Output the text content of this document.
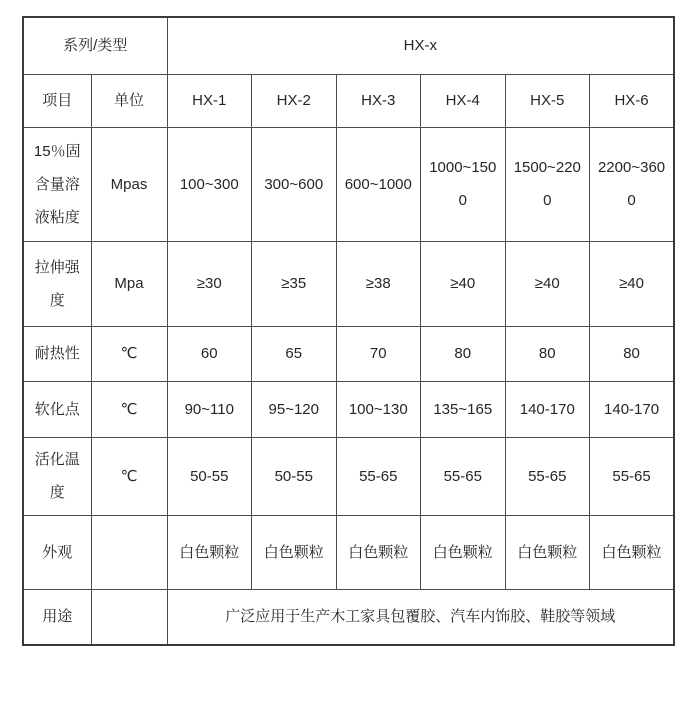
系列/类型		HX-x					
项目	单位	HX-1	HX-2	HX-3	HX-4	HX-5	HX-6
15％固含量溶液粘度	Mpas	100~300	300~600	600~1000	1000~1500	1500~2200	2200~3600
拉伸强度	Mpa	≥30	≥35	≥38	≥40	≥40	≥40
耐热性	℃	60	65	70	80	80	80
软化点	℃	90~110	95~120	100~130	135~165	140-170	140-170
活化温度	℃	50-55	50-55	55-65	55-65	55-65	55-65
外观		白色颗粒	白色颗粒	白色颗粒	白色颗粒	白色颗粒	白色颗粒
用途		广泛应用于生产木工家具包覆胶、汽车内饰胶、鞋胶等领域					
